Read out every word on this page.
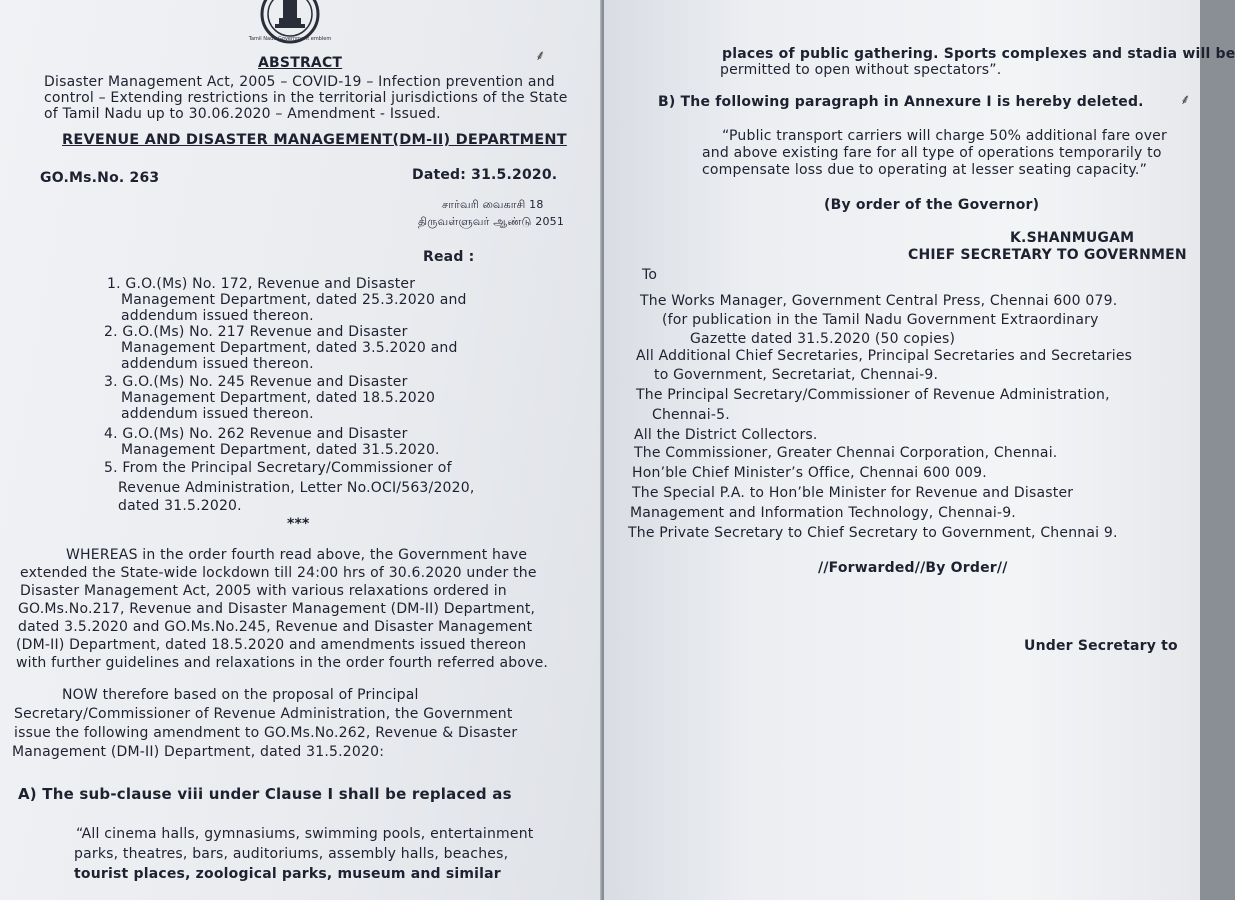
Tamil Nadu Government emblem
ABSTRACT	⸙
Disaster Management Act, 2005 – COVID-19 – Infection prevention and
control – Extending restrictions in the territorial jurisdictions of the State
of Tamil Nadu up to 30.06.2020 – Amendment - Issued.
REVENUE AND DISASTER MANAGEMENT(DM-II) DEPARTMENT
GO.Ms.No. 263	Dated: 31.5.2020.
சார்வரி வைகாசி 18
திருவள்ளுவர் ஆண்டு 2051
Read :
1. G.O.(Ms) No. 172, Revenue and Disaster
Management Department, dated 25.3.2020 and
addendum issued thereon.
2. G.O.(Ms) No. 217 Revenue and Disaster
Management Department, dated 3.5.2020 and
addendum issued thereon.
3. G.O.(Ms) No. 245 Revenue and Disaster
Management Department, dated 18.5.2020
addendum issued thereon.
4. G.O.(Ms) No. 262 Revenue and Disaster
Management Department, dated 31.5.2020.
5. From the Principal Secretary/Commissioner of
Revenue Administration, Letter No.OCI/563/2020,
dated 31.5.2020.
***
WHEREAS in the order fourth read above, the Government have
extended the State-wide lockdown till 24:00 hrs of 30.6.2020 under the
Disaster Management Act, 2005 with various relaxations ordered in
GO.Ms.No.217, Revenue and Disaster Management (DM-II) Department,
dated 3.5.2020 and GO.Ms.No.245, Revenue and Disaster Management
(DM-II) Department, dated 18.5.2020 and amendments issued thereon
with further guidelines and relaxations in the order fourth referred above.
NOW therefore based on the proposal of Principal
Secretary/Commissioner of Revenue Administration, the Government
issue the following amendment to GO.Ms.No.262, Revenue & Disaster
Management (DM-II) Department, dated 31.5.2020:
A) The sub-clause viii under Clause I shall be replaced as
“All cinema halls, gymnasiums, swimming pools, entertainment
parks, theatres, bars, auditoriums, assembly halls, beaches,
tourist places, zoological parks, museum and similar
places of public gathering. Sports complexes and stadia will be
permitted to open without spectators”.
B) The following paragraph in Annexure I is hereby deleted.	⸙
“Public transport carriers will charge 50% additional fare over
and above existing fare for all type of operations temporarily to
compensate loss due to operating at lesser seating capacity.”
(By order of the Governor)
K.SHANMUGAM
CHIEF SECRETARY TO GOVERNMEN
To
The Works Manager, Government Central Press, Chennai 600 079.
(for publication in the Tamil Nadu Government Extraordinary
Gazette dated 31.5.2020 (50 copies)
All Additional Chief Secretaries, Principal Secretaries and Secretaries
to Government, Secretariat, Chennai-9.
The Principal Secretary/Commissioner of Revenue Administration,
Chennai-5.
All the District Collectors.
The Commissioner, Greater Chennai Corporation, Chennai.
Hon’ble Chief Minister’s Office, Chennai 600 009.
The Special P.A. to Hon’ble Minister for Revenue and Disaster
Management and Information Technology, Chennai-9.
The Private Secretary to Chief Secretary to Government, Chennai 9.
//Forwarded//By Order//
Under Secretary to
